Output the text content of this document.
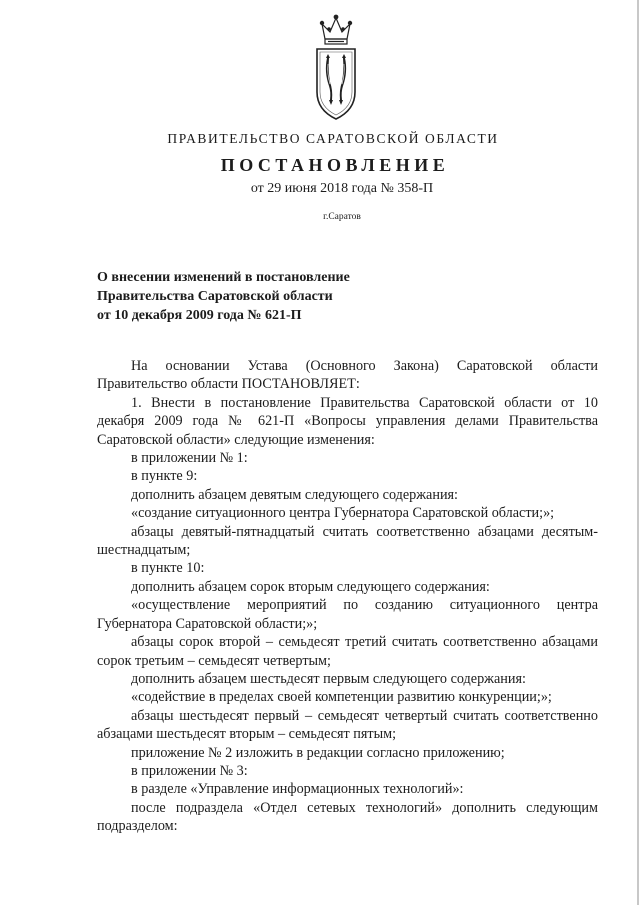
ПРАВИТЕЛЬСТВО САРАТОВСКОЙ ОБЛАСТИ
ПОСТАНОВЛЕНИЕ
от 29 июня 2018 года № 358-П
г.Саратов
О внесении изменений в постановление
Правительства Саратовской области
от 10 декабря 2009 года № 621-П

На основании Устава (Основного Закона) Саратовской области Правительство области ПОСТАНОВЛЯЕТ:

1. Внести в постановление Правительства Саратовской области от 10 декабря 2009 года № 621-П «Вопросы управления делами Правительства Саратовской области» следующие изменения:

в приложении № 1:

в пункте 9:

дополнить абзацем девятым следующего содержания:

«создание ситуационного центра Губернатора Саратовской области;»;

абзацы девятый-пятнадцатый считать соответственно абзацами десятым-шестнадцатым;

в пункте 10:

дополнить абзацем сорок вторым следующего содержания:

«осуществление мероприятий по созданию ситуационного центра Губернатора Саратовской области;»;

абзацы сорок второй – семьдесят третий считать соответственно абзацами сорок третьим – семьдесят четвертым;

дополнить абзацем шестьдесят первым следующего содержания:

«содействие в пределах своей компетенции развитию конкуренции;»;

абзацы шестьдесят первый – семьдесят четвертый считать соответственно абзацами шестьдесят вторым – семьдесят пятым;

приложение № 2 изложить в редакции согласно приложению;

в приложении № 3:

в разделе «Управление информационных технологий»:

после подраздела «Отдел сетевых технологий» дополнить следующим подразделом:
